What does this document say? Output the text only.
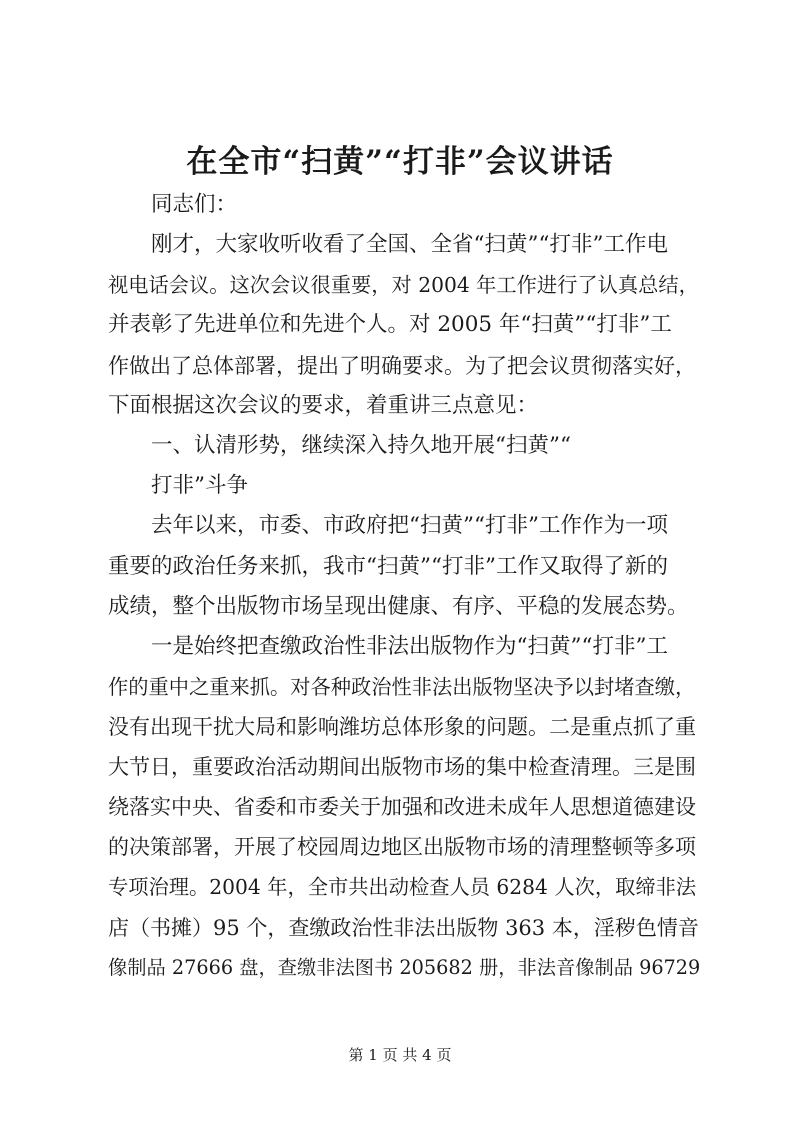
在全市“扫黄”“打非”会议讲话
同志们：
刚才，大家收听收看了全国、全省“扫黄”“打非”工作电
视电话会议。这次会议很重要，对 2004 年工作进行了认真总结，
并表彰了先进单位和先进个人。对 2005 年“扫黄”“打非”工
作做出了总体部署，提出了明确要求。为了把会议贯彻落实好，
下面根据这次会议的要求，着重讲三点意见：
一、认清形势，继续深入持久地开展“扫黄”“
打非”斗争
去年以来，市委、市政府把“扫黄”“打非”工作作为一项
重要的政治任务来抓，我市“扫黄”“打非”工作又取得了新的
成绩，整个出版物市场呈现出健康、有序、平稳的发展态势。
一是始终把查缴政治性非法出版物作为“扫黄”“打非”工
作的重中之重来抓。对各种政治性非法出版物坚决予以封堵查缴，
没有出现干扰大局和影响潍坊总体形象的问题。二是重点抓了重
大节日，重要政治活动期间出版物市场的集中检查清理。三是围
绕落实中央、省委和市委关于加强和改进未成年人思想道德建设
的决策部署，开展了校园周边地区出版物市场的清理整顿等多项
专项治理。2004 年，全市共出动检查人员 6284 人次，取缔非法
店（书摊）95 个，查缴政治性非法出版物 363 本，淫秽色情音
像制品 27666 盘，查缴非法图书 205682 册，非法音像制品 96729
第 1 页 共 4 页
